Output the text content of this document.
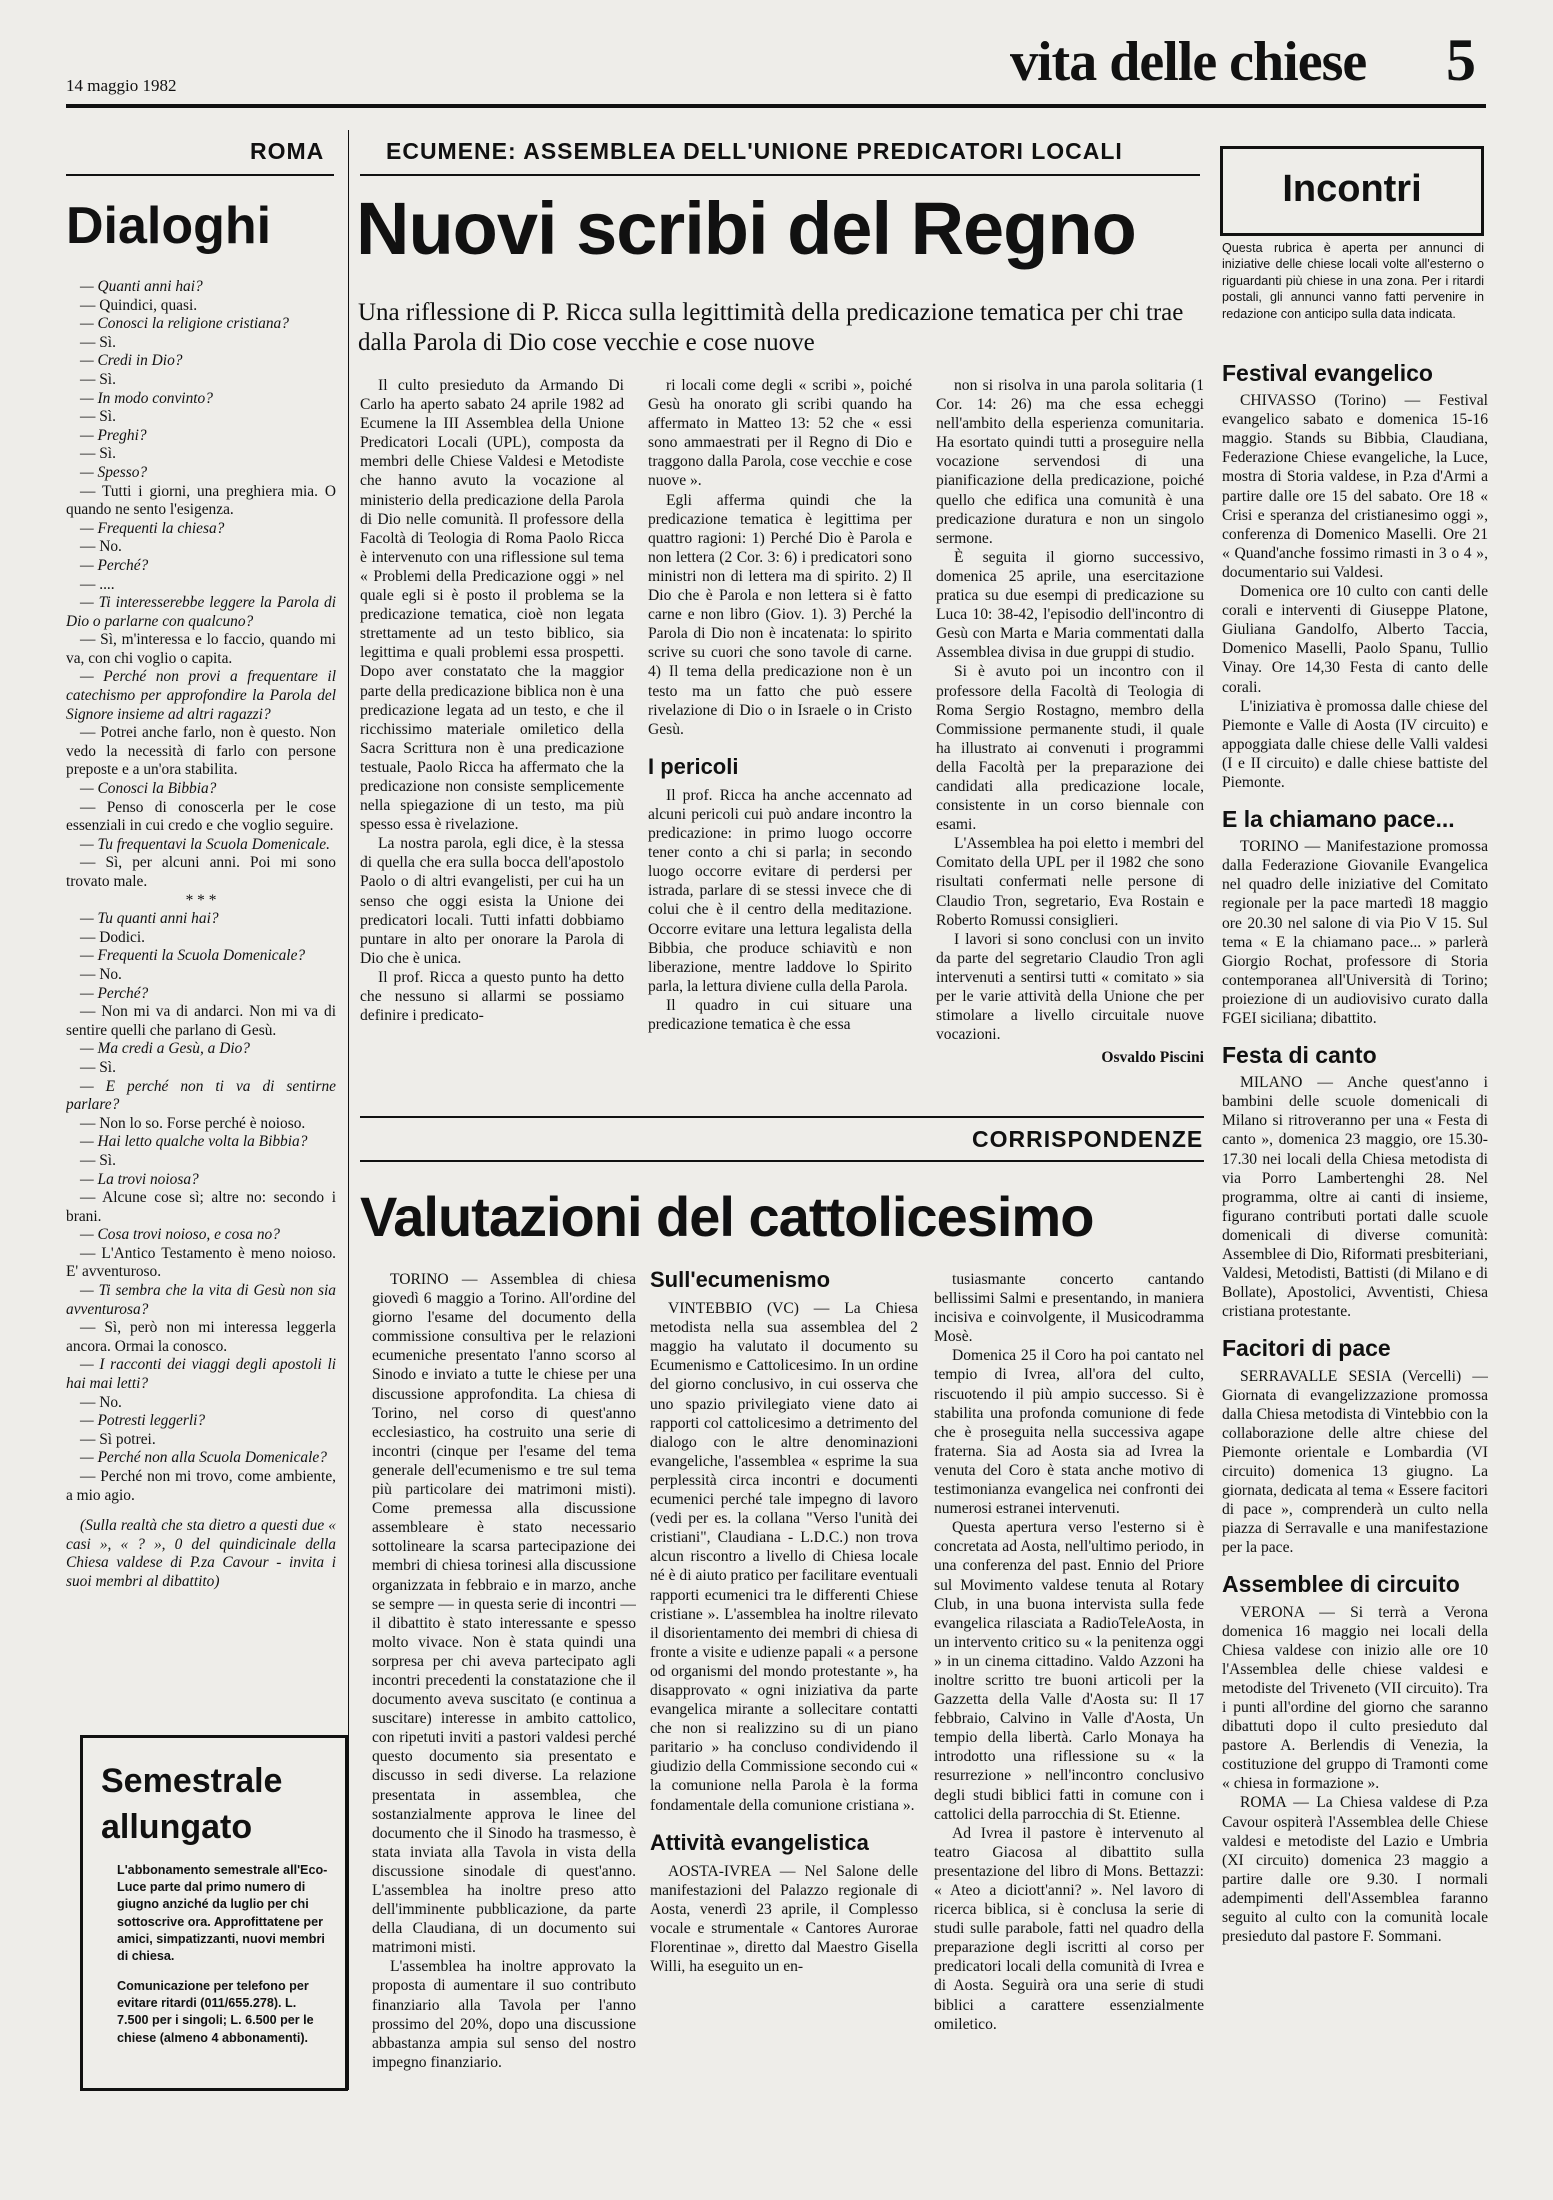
14 maggio 1982	vita delle chiese 5
ROMA
Dialoghi

— Quanti anni hai?

— Quindici, quasi.

— Conosci la religione cristiana?

— Sì.

— Credi in Dio?

— Sì.

— In modo convinto?

— Sì.

— Preghi?

— Sì.

— Spesso?

— Tutti i giorni, una preghiera mia. O quando ne sento l'esigenza.

— Frequenti la chiesa?

— No.

— Perché?

— ....

— Ti interesserebbe leggere la Parola di Dio o parlarne con qualcuno?

— Sì, m'interessa e lo faccio, quando mi va, con chi voglio o capita.

— Perché non provi a frequentare il catechismo per approfondire la Parola del Signore insieme ad altri ragazzi?

— Potrei anche farlo, non è questo. Non vedo la necessità di farlo con persone preposte e a un'ora stabilita.

— Conosci la Bibbia?

— Penso di conoscerla per le cose essenziali in cui credo e che voglio seguire.

— Tu frequentavi la Scuola Domenicale.

— Sì, per alcuni anni. Poi mi sono trovato male.

* * *

— Tu quanti anni hai?

— Dodici.

— Frequenti la Scuola Domenicale?

— No.

— Perché?

— Non mi va di andarci. Non mi va di sentire quelli che parlano di Gesù.

— Ma credi a Gesù, a Dio?

— Sì.

— E perché non ti va di sentirne parlare?

— Non lo so. Forse perché è noioso.

— Hai letto qualche volta la Bibbia?

— Sì.

— La trovi noiosa?

— Alcune cose sì; altre no: secondo i brani.

— Cosa trovi noioso, e cosa no?

— L'Antico Testamento è meno noioso. E' avventuroso.

— Ti sembra che la vita di Gesù non sia avventurosa?

— Sì, però non mi interessa leggerla ancora. Ormai la conosco.

— I racconti dei viaggi degli apostoli li hai mai letti?

— No.

— Potresti leggerli?

— Sì potrei.

— Perché non alla Scuola Domenicale?

— Perché non mi trovo, come ambiente, a mio agio.

(Sulla realtà che sta dietro a questi due « casi », « ? », 0 del quindicinale della Chiesa valdese di P.za Cavour - invita i suoi membri al dibattito)

Semestrale allungato
L'abbonamento semestrale all'Eco-Luce parte dal primo numero di giugno anziché da luglio per chi sottoscrive ora. Approfittatene per amici, simpatizzanti, nuovi membri di chiesa.
Comunicazione per telefono per evitare ritardi (011/655.278). L. 7.500 per i singoli; L. 6.500 per le chiese (almeno 4 abbonamenti).
ECUMENE: ASSEMBLEA DELL'UNIONE PREDICATORI LOCALI
Nuovi scribi del Regno
Una riflessione di P. Ricca sulla legittimità della predicazione tematica per chi trae dalla Parola di Dio cose vecchie e cose nuove

Il culto presieduto da Armando Di Carlo ha aperto sabato 24 aprile 1982 ad Ecumene la III Assemblea della Unione Predicatori Locali (UPL), composta da membri delle Chiese Valdesi e Metodiste che hanno avuto la vocazione al ministerio della predicazione della Parola di Dio nelle comunità. Il professore della Facoltà di Teologia di Roma Paolo Ricca è intervenuto con una riflessione sul tema « Problemi della Predicazione oggi » nel quale egli si è posto il problema se la predicazione tematica, cioè non legata strettamente ad un testo biblico, sia legittima e quali problemi essa prospetti. Dopo aver constatato che la maggior parte della predicazione biblica non è una predicazione legata ad un testo, e che il ricchissimo materiale omiletico della Sacra Scrittura non è una predicazione testuale, Paolo Ricca ha affermato che la predicazione non consiste semplicemente nella spiegazione di un testo, ma più spesso essa è rivelazione.

La nostra parola, egli dice, è la stessa di quella che era sulla bocca dell'apostolo Paolo o di altri evangelisti, per cui ha un senso che oggi esista la Unione dei predicatori locali. Tutti infatti dobbiamo puntare in alto per onorare la Parola di Dio che è unica.

Il prof. Ricca a questo punto ha detto che nessuno si allarmi se possiamo definire i predicato-

ri locali come degli « scribi », poiché Gesù ha onorato gli scribi quando ha affermato in Matteo 13: 52 che « essi sono ammaestrati per il Regno di Dio e traggono dalla Parola, cose vecchie e cose nuove ».

Egli afferma quindi che la predicazione tematica è legittima per quattro ragioni: 1) Perché Dio è Parola e non lettera (2 Cor. 3: 6) i predicatori sono ministri non di lettera ma di spirito. 2) Il Dio che è Parola e non lettera si è fatto carne e non libro (Giov. 1). 3) Perché la Parola di Dio non è incatenata: lo spirito scrive su cuori che sono tavole di carne. 4) Il tema della predicazione non è un testo ma un fatto che può essere rivelazione di Dio o in Israele o in Cristo Gesù.

I pericoli

Il prof. Ricca ha anche accennato ad alcuni pericoli cui può andare incontro la predicazione: in primo luogo occorre tener conto a chi si parla; in secondo luogo occorre evitare di perdersi per istrada, parlare di se stessi invece che di colui che è il centro della meditazione. Occorre evitare una lettura legalista della Bibbia, che produce schiavitù e non liberazione, mentre laddove lo Spirito parla, la lettura diviene culla della Parola.

Il quadro in cui situare una predicazione tematica è che essa

non si risolva in una parola solitaria (1 Cor. 14: 26) ma che essa echeggi nell'ambito della esperienza comunitaria. Ha esortato quindi tutti a proseguire nella vocazione servendosi di una pianificazione della predicazione, poiché quello che edifica una comunità è una predicazione duratura e non un singolo sermone.

È seguita il giorno successivo, domenica 25 aprile, una esercitazione pratica su due esempi di predicazione su Luca 10: 38-42, l'episodio dell'incontro di Gesù con Marta e Maria commentati dalla Assemblea divisa in due gruppi di studio.

Si è avuto poi un incontro con il professore della Facoltà di Teologia di Roma Sergio Rostagno, membro della Commissione permanente studi, il quale ha illustrato ai convenuti i programmi della Facoltà per la preparazione dei candidati alla predicazione locale, consistente in un corso biennale con esami.

L'Assemblea ha poi eletto i membri del Comitato della UPL per il 1982 che sono risultati confermati nelle persone di Claudio Tron, segretario, Eva Rostain e Roberto Romussi consiglieri.

I lavori si sono conclusi con un invito da parte del segretario Claudio Tron agli intervenuti a sentirsi tutti « comitato » sia per le varie attività della Unione che per stimolare a livello circuitale nuove vocazioni.

Osvaldo Piscini
CORRISPONDENZE
Valutazioni del cattolicesimo

TORINO — Assemblea di chiesa giovedì 6 maggio a Torino. All'ordine del giorno l'esame del documento della commissione consultiva per le relazioni ecumeniche presentato l'anno scorso al Sinodo e inviato a tutte le chiese per una discussione approfondita. La chiesa di Torino, nel corso di quest'anno ecclesiastico, ha costruito una serie di incontri (cinque per l'esame del tema generale dell'ecumenismo e tre sul tema più particolare dei matrimoni misti). Come premessa alla discussione assembleare è stato necessario sottolineare la scarsa partecipazione dei membri di chiesa torinesi alla discussione organizzata in febbraio e in marzo, anche se sempre — in questa serie di incontri — il dibattito è stato interessante e spesso molto vivace. Non è stata quindi una sorpresa per chi aveva partecipato agli incontri precedenti la constatazione che il documento aveva suscitato (e continua a suscitare) interesse in ambito cattolico, con ripetuti inviti a pastori valdesi perché questo documento sia presentato e discusso in sedi diverse. La relazione presentata in assemblea, che sostanzialmente approva le linee del documento che il Sinodo ha trasmesso, è stata inviata alla Tavola in vista della discussione sinodale di quest'anno. L'assemblea ha inoltre preso atto dell'imminente pubblicazione, da parte della Claudiana, di un documento sui matrimoni misti.

L'assemblea ha inoltre approvato la proposta di aumentare il suo contributo finanziario alla Tavola per l'anno prossimo del 20%, dopo una discussione abbastanza ampia sul senso del nostro impegno finanziario.

Sull'ecumenismo

VINTEBBIO (VC) — La Chiesa metodista nella sua assemblea del 2 maggio ha valutato il documento su Ecumenismo e Cattolicesimo. In un ordine del giorno conclusivo, in cui osserva che uno spazio privilegiato viene dato ai rapporti col cattolicesimo a detrimento del dialogo con le altre denominazioni evangeliche, l'assemblea « esprime la sua perplessità circa incontri e documenti ecumenici perché tale impegno di lavoro (vedi per es. la collana "Verso l'unità dei cristiani", Claudiana - L.D.C.) non trova alcun riscontro a livello di Chiesa locale né è di aiuto pratico per facilitare eventuali rapporti ecumenici tra le differenti Chiese cristiane ». L'assemblea ha inoltre rilevato il disorientamento dei membri di chiesa di fronte a visite e udienze papali « a persone od organismi del mondo protestante », ha disapprovato « ogni iniziativa da parte evangelica mirante a sollecitare contatti che non si realizzino su di un piano paritario » ha concluso condividendo il giudizio della Commissione secondo cui « la comunione nella Parola è la forma fondamentale della comunione cristiana ».

Attività evangelistica

AOSTA-IVREA — Nel Salone delle manifestazioni del Palazzo regionale di Aosta, venerdì 23 aprile, il Complesso vocale e strumentale « Cantores Aurorae Florentinae », diretto dal Maestro Gisella Willi, ha eseguito un en-

tusiasmante concerto cantando bellissimi Salmi e presentando, in maniera incisiva e coinvolgente, il Musicodramma Mosè.

Domenica 25 il Coro ha poi cantato nel tempio di Ivrea, all'ora del culto, riscuotendo il più ampio successo. Si è stabilita una profonda comunione di fede che è proseguita nella successiva agape fraterna. Sia ad Aosta sia ad Ivrea la venuta del Coro è stata anche motivo di testimonianza evangelica nei confronti dei numerosi estranei intervenuti.

Questa apertura verso l'esterno si è concretata ad Aosta, nell'ultimo periodo, in una conferenza del past. Ennio del Priore sul Movimento valdese tenuta al Rotary Club, in una buona intervista sulla fede evangelica rilasciata a RadioTeleAosta, in un intervento critico su « la penitenza oggi » in un cinema cittadino. Valdo Azzoni ha inoltre scritto tre buoni articoli per la Gazzetta della Valle d'Aosta su: Il 17 febbraio, Calvino in Valle d'Aosta, Un tempio della libertà. Carlo Monaya ha introdotto una riflessione su « la resurrezione » nell'incontro conclusivo degli studi biblici fatti in comune con i cattolici della parrocchia di St. Etienne.

Ad Ivrea il pastore è intervenuto al teatro Giacosa al dibattito sulla presentazione del libro di Mons. Bettazzi: « Ateo a diciott'anni? ». Nel lavoro di ricerca biblica, si è conclusa la serie di studi sulle parabole, fatti nel quadro della preparazione degli iscritti al corso per predicatori locali della comunità di Ivrea e di Aosta. Seguirà ora una serie di studi biblici a carattere essenzialmente omiletico.

Incontri
Questa rubrica è aperta per annunci di iniziative delle chiese locali volte all'esterno o riguardanti più chiese in una zona. Per i ritardi postali, gli annunci vanno fatti pervenire in redazione con anticipo sulla data indicata.
Festival evangelico

CHIVASSO (Torino) — Festival evangelico sabato e domenica 15-16 maggio. Stands su Bibbia, Claudiana, Federazione Chiese evangeliche, la Luce, mostra di Storia valdese, in P.za d'Armi a partire dalle ore 15 del sabato. Ore 18 « Crisi e speranza del cristianesimo oggi », conferenza di Domenico Maselli. Ore 21 « Quand'anche fossimo rimasti in 3 o 4 », documentario sui Valdesi.

Domenica ore 10 culto con canti delle corali e interventi di Giuseppe Platone, Giuliana Gandolfo, Alberto Taccia, Domenico Maselli, Paolo Spanu, Tullio Vinay. Ore 14,30 Festa di canto delle corali.

L'iniziativa è promossa dalle chiese del Piemonte e Valle di Aosta (IV circuito) e appoggiata dalle chiese delle Valli valdesi (I e II circuito) e dalle chiese battiste del Piemonte.

E la chiamano pace...

TORINO — Manifestazione promossa dalla Federazione Giovanile Evangelica nel quadro delle iniziative del Comitato regionale per la pace martedì 18 maggio ore 20.30 nel salone di via Pio V 15. Sul tema « E la chiamano pace... » parlerà Giorgio Rochat, professore di Storia contemporanea all'Università di Torino; proiezione di un audiovisivo curato dalla FGEI siciliana; dibattito.

Festa di canto

MILANO — Anche quest'anno i bambini delle scuole domenicali di Milano si ritroveranno per una « Festa di canto », domenica 23 maggio, ore 15.30-17.30 nei locali della Chiesa metodista di via Porro Lambertenghi 28. Nel programma, oltre ai canti di insieme, figurano contributi portati dalle scuole domenicali di diverse comunità: Assemblee di Dio, Riformati presbiteriani, Valdesi, Metodisti, Battisti (di Milano e di Bollate), Apostolici, Avventisti, Chiesa cristiana protestante.

Facitori di pace

SERRAVALLE SESIA (Vercelli) — Giornata di evangelizzazione promossa dalla Chiesa metodista di Vintebbio con la collaborazione delle altre chiese del Piemonte orientale e Lombardia (VI circuito) domenica 13 giugno. La giornata, dedicata al tema « Essere facitori di pace », comprenderà un culto nella piazza di Serravalle e una manifestazione per la pace.

Assemblee di circuito

VERONA — Si terrà a Verona domenica 16 maggio nei locali della Chiesa valdese con inizio alle ore 10 l'Assemblea delle chiese valdesi e metodiste del Triveneto (VII circuito). Tra i punti all'ordine del giorno che saranno dibattuti dopo il culto presieduto dal pastore A. Berlendis di Venezia, la costituzione del gruppo di Tramonti come « chiesa in formazione ».

ROMA — La Chiesa valdese di P.za Cavour ospiterà l'Assemblea delle Chiese valdesi e metodiste del Lazio e Umbria (XI circuito) domenica 23 maggio a partire dalle ore 9.30. I normali adempimenti dell'Assemblea faranno seguito al culto con la comunità locale presieduto dal pastore F. Sommani.
